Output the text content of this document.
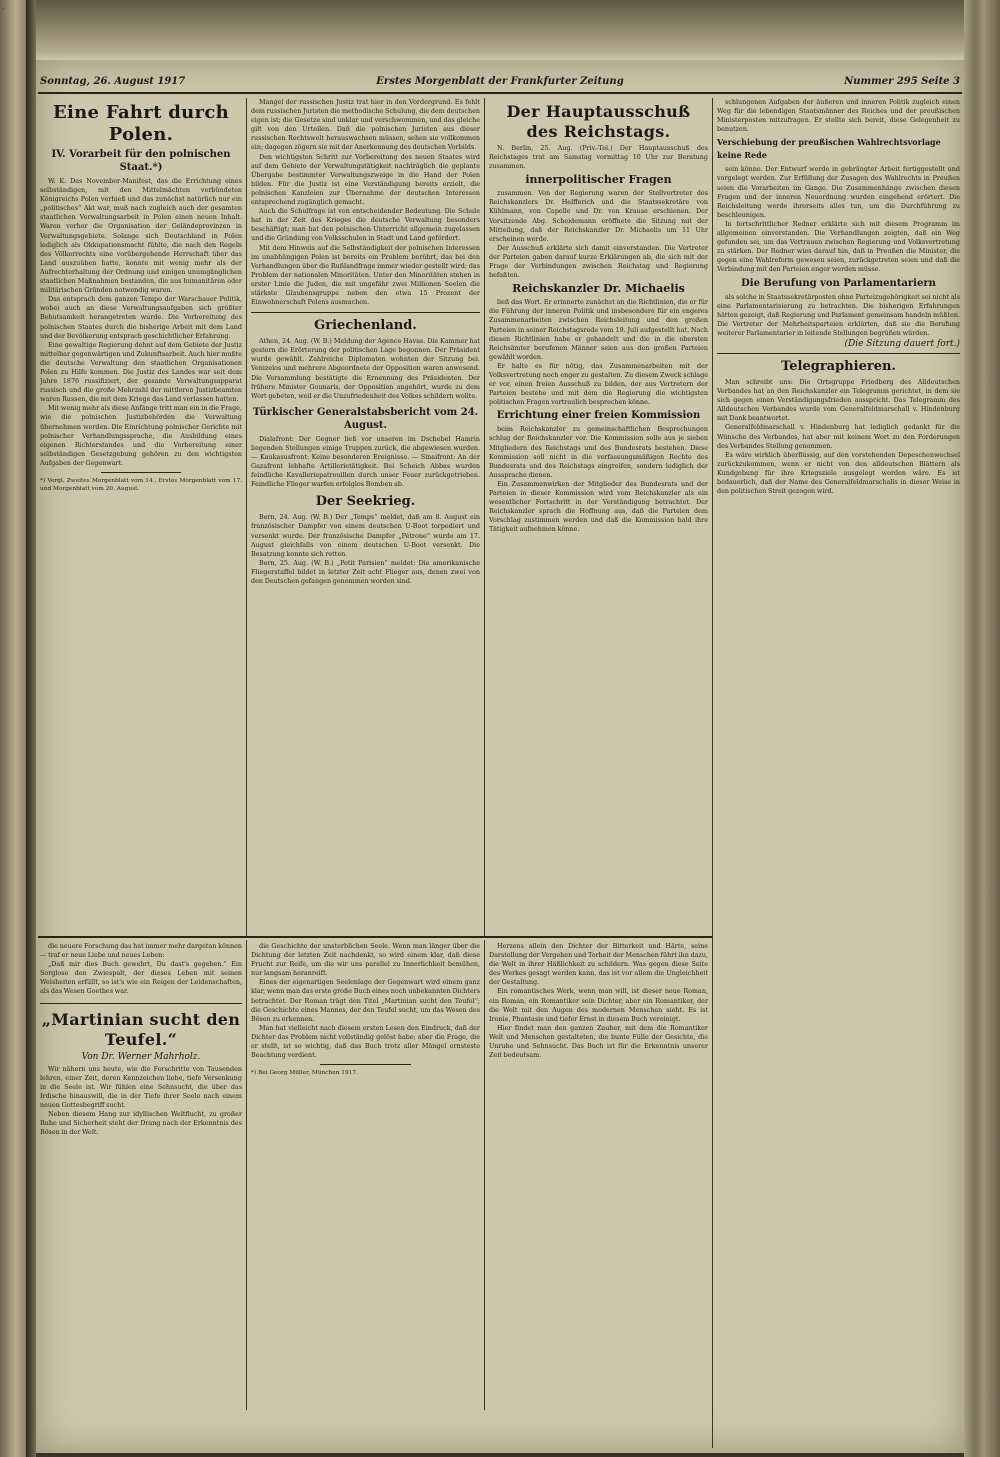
.
Sonntag, 26. August 1917	Erstes Morgenblatt der Frankfurter Zeitung	Nummer 295 Seite 3
Eine Fahrt durch Polen.
IV. Vorarbeit für den polnischen Staat.*)

W. K. Das November-Manifest, das die Errichtung eines selbständigen, mit den Mittelmächten verbündeten Königreichs Polen verhieß und das zunächst natürlich nur ein „politisches“ Akt war, muß nach zugleich auch der gesamten staatlichen Verwaltungsarbeit in Polen einen neuen Inhalt. Waren vorher die Organisation der Geländeprovinzen in Verwaltungsgebiete. Solange sich Deutschland in Polen lediglich als Okkupationsmacht fühlte, die nach den Regeln des Völkerrechts eine vorübergehende Herrschaft über das Land auszuüben hatte, konnte mit wenig mehr als der Aufrechterhaltung der Ordnung und einigen unumgänglichen staatlichen Maßnahmen bestanden, die aus humanitären oder militärischen Gründen notwendig waren.

Das entsprach dem ganzen Tempo der Warschauer Politik, wobei auch an diese Verwaltungsaufgaben sich größter Behutsamkeit herangetreten wurde. Die Vorbereitung des polnischen Staates durch die bisherige Arbeit mit dem Land und der Bevölkerung entsprach geschichtlicher Erfahrung.

Eine gewaltige Regierung dehnt auf dem Gebiete der Justiz mittelbar gegenwärtigen und Zukunftsarbeit. Auch hier mußte die deutsche Verwaltung den staatlichen Organisationen Polen zu Hilfe kommen. Die Justiz des Landes war seit dem Jahre 1876 russifiziert, der gesamte Verwaltungsapparat russisch und die große Mehrzahl der mittleren Justizbeamten waren Russen, die mit dem Kriege das Land verlassen hatten.

Mit wenig mehr als diese Anfänge tritt man ein in die Frage, wie die polnischen Justizbehörden die Verwaltung übernehmen werden. Die Einrichtung polnischer Gerichte mit polnischer Verhandlungssprache, die Ausbildung eines eigenen Richterstandes und die Vorbereitung einer selbständigen Gesetzgebung gehören zu den wichtigsten Aufgaben der Gegenwart.

*) Vergl. Zweites Morgenblatt vom 14., Erstes Morgenblatt vom 17. und Morgenblatt vom 20. August.

Mangel der russischen Justiz trat hier in den Vordergrund. Es fehlt dem russischen Juristen die methodische Schulung, die dem deutschen eigen ist; die Gesetze sind unklar und verschwommen, und das gleiche gilt von den Urteilen. Daß die polnischen Juristen aus dieser russischen Rechtswelt herauswachsen müssen, sehen sie vollkommen ein; dagegen zögern sie mit der Anerkennung des deutschen Vorbilds.

Den wichtigsten Schritt zur Vorbereitung des neuen Staates wird auf dem Gebiete der Verwaltungstätigkeit nachträglich die geplante Übergabe bestimmter Verwaltungszweige in die Hand der Polen bilden. Für die Justiz ist eine Verständigung bereits erzielt, die polnischen Kanzleien zur Übernahme der deutschen Interessen entsprechend zugänglich gemacht.

Auch die Schulfrage ist von entscheidender Bedeutung. Die Schule hat in der Zeit des Krieges die deutsche Verwaltung besonders beschäftigt; man hat den polnischen Unterricht allgemein zugelassen und die Gründung von Volksschulen in Stadt und Land gefördert.

Mit dem Hinweis auf die Selbständigkeit der polnischen Interessen im unabhängigen Polen ist bereits ein Problem berührt, das bei den Verhandlungen über die Rußlandfrage immer wieder gestellt wird: das Problem der nationalen Minoritäten. Unter den Minoritäten stehen in erster Linie die Juden, die mit ungefähr zwei Millionen Seelen die stärkste Glaubensgruppe neben den etwa 15 Prozent der Einwohnerschaft Polens ausmachen.

Griechenland.

Athen, 24. Aug. (W. B.) Meldung der Agence Havas. Die Kammer hat gestern die Erörterung der politischen Lage begonnen. Der Präsident wurde gewählt. Zahlreiche Diplomaten wohnten der Sitzung bei. Venizelos und mehrere Abgeordnete der Opposition waren anwesend. Die Versammlung bestätigte die Ernennung des Präsidenten. Der frühere Minister Gounaris, der Opposition angehört, wurde zu dem Wort gebeten, weil er die Unzufriedenheit des Volkes schildern wollte.

Türkischer Generalstabsbericht vom 24. August.

Dialafront: Der Gegner ließ vor unseren im Dschebel Hamrin liegenden Stellungen einige Truppen zurück, die abgewiesen wurden. — Kaukasusfront: Keine besonderen Ereignisse. — Sinaifront: An der Gazafront lebhafte Artillerietätigkeit. Bei Scheich Abbas wurden feindliche Kavalleriepatrouillen durch unser Feuer zurückgetrieben. Feindliche Flieger warfen erfolglos Bomben ab.

Der Seekrieg.

Bern, 24. Aug. (W. B.) Der „Temps“ meldet, daß am 8. August ein französischer Dampfer von einem deutschen U-Boot torpediert und versenkt wurde. Der französische Dampfer „Pétrone“ wurde am 17. August gleichfalls von einem deutschen U-Boot versenkt. Die Besatzung konnte sich retten.

Bern, 25. Aug. (W. B.) „Petit Parisien“ meldet: Die amerikanische Fliegerstaffel bildet in letzter Zeit acht Flieger aus, denen zwei von den Deutschen gefangen genommen worden sind.

Der Hauptausschuß des Reichstags.

N. Berlin, 25. Aug. (Priv.-Tel.) Der Hauptausschuß des Reichstages trat am Samstag vormittag 10 Uhr zur Beratung zusammen.

innerpolitischer Fragen

zusammen. Von der Regierung waren der Stellvertreter des Reichskanzlers Dr. Helfferich und die Staatssekretäre von Kühlmann, von Capelle und Dr. von Krause erschienen. Der Vorsitzende Abg. Scheidemann eröffnete die Sitzung mit der Mitteilung, daß der Reichskanzler Dr. Michaelis um 11 Uhr erscheinen werde.

Der Ausschuß erklärte sich damit einverstanden. Die Vertreter der Parteien gaben darauf kurze Erklärungen ab, die sich mit der Frage der Verbindungen zwischen Reichstag und Regierung befaßten.

Reichskanzler Dr. Michaelis

ließ das Wort. Er erinnerte zunächst an die Richtlinien, die er für die Führung der inneren Politik und insbesondere für ein engeres Zusammenarbeiten zwischen Reichsleitung und den großen Parteien in seiner Reichstagsrede vom 19. Juli aufgestellt hat. Nach diesen Richtlinien habe er gehandelt und die in die obersten Reichsämter berufenen Männer seien aus den großen Parteien gewählt worden.

Er halte es für nötig, das Zusammenarbeiten mit der Volksvertretung noch enger zu gestalten. Zu diesem Zweck schlage er vor, einen freien Ausschuß zu bilden, der aus Vertretern der Parteien bestehe und mit dem die Regierung die wichtigsten politischen Fragen vertraulich besprechen könne.

Errichtung einer freien Kommission

beim Reichskanzler zu gemeinschaftlichen Besprechungen schlug der Reichskanzler vor. Die Kommission solle aus je sieben Mitgliedern des Reichstags und des Bundesrats bestehen. Diese Kommission soll nicht in die verfassungsmäßigen Rechte des Bundesrats und des Reichstags eingreifen, sondern lediglich der Aussprache dienen.

Ein Zusammenwirken der Mitglieder des Bundesrats und der Parteien in dieser Kommission wird vom Reichskanzler als ein wesentlicher Fortschritt in der Verständigung betrachtet. Der Reichskanzler sprach die Hoffnung aus, daß die Parteien dem Vorschlag zustimmen werden und daß die Kommission bald ihre Tätigkeit aufnehmen könne.

schlungenen Aufgaben der äußeren und inneren Politik zugleich einen Weg für die lebendigen Staatsmänner des Reiches und der preußischen Ministerposten mitzufragen. Er stellte sich bereit, diese Gelegenheit zu benutzen.

Verschiebung der preußischen Wahlrechtsvorlage keine Rede

sein könne. Der Entwurf werde in gebrängter Arbeit fertiggestellt und vorgelegt werden. Zur Erfüllung der Zusagen des Wahlrechts in Preußen seien die Vorarbeiten im Gange. Die Zusammenhänge zwischen diesen Fragen und der inneren Neuordnung wurden eingehend erörtert. Die Reichsleitung werde ihrerseits alles tun, um die Durchführung zu beschleunigen.

In fortschrittlicher Redner erklärte sich mit diesem Programm im allgemeinen einverstanden. Die Verhandlungen zeigten, daß ein Weg gefunden sei, um das Vertrauen zwischen Regierung und Volksvertretung zu stärken. Der Redner wies darauf hin, daß in Preußen die Minister, die gegen eine Wahlreform gewesen seien, zurückgetreten seien und daß die Verbindung mit den Parteien enger werden müsse.

Die Berufung von Parlamentariern

als solche in Staatssekretärposten ohne Parteizugehörigkeit sei nicht als eine Parlamentarisierung zu betrachten. Die bisherigen Erfahrungen hätten gezeigt, daß Regierung und Parlament gemeinsam handeln müßten. Die Vertreter der Mehrheitsparteien erklärten, daß sie die Berufung weiterer Parlamentarier in leitende Stellungen begrüßen würden.

(Die Sitzung dauert fort.)
Telegraphieren.

Man schreibt uns: Die Ortsgruppe Friedberg des Alldeutschen Verbandes hat an den Reichskanzler ein Telegramm gerichtet, in dem sie sich gegen einen Verständigungsfrieden ausspricht. Das Telegramm des Alldeutschen Verbandes wurde vom Generalfeldmarschall v. Hindenburg mit Dank beantwortet.

Generalfeldmarschall v. Hindenburg hat lediglich gedankt für die Wünsche des Verbandes, hat aber mit keinem Wort zu den Forderungen des Verbandes Stellung genommen.

Es wäre wirklich überflüssig, auf den vorstehenden Depeschenwechsel zurückzukommen, wenn er nicht von den alldeutschen Blättern als Kundgebung für ihre Kriegsziele ausgelegt worden wäre. Es ist bedauerlich, daß der Name des Generalfeldmarschalls in dieser Weise in den politischen Streit gezogen wird.

die neuere Forschung das hat immer mehr dargetan können — traf er neue Liebe und neues Leben:

„Daß mir dies Buch gewehrt, Du dast's gegeben.“ Ein Sorglose den Zwiespalt, der dieses Leben mit seinen Weisheiten erfüllt, so ist's wie ein Reigen der Leidenschaften, als das Wesen Goethes war.

„Martinian sucht den Teufel.“
Von Dr. Werner Mahrholz.

Wir nähern uns heute, wie die Forschritte von Tausenden lehren, einer Zeit, deren Kennzeichen liebe, tiefe Versenkung in die Seele ist. Wir fühlen eine Sehnsucht, die über das Irdische hinauswill, die in der Tiefe ihrer Seele nach einem neuen Gottesbegriff sucht.

Neben diesem Hang zur idyllischen Weltflucht, zu großer Ruhe und Sicherheit steht der Drang nach der Erkenntnis des Bösen in der Welt.

die Geschichte der unsterblichen Seele. Wenn man länger über die Dichtung der letzten Zeit nachdenkt, so wird einem klar, daß diese Frucht zur Reife, um die wir uns parallel zu Innerlichkeit bemühen, nur langsam heranreift.

Eines der eigenartigen Seelenlage der Gegenwart wird einem ganz klar, wenn man das erste große Buch eines noch unbekannten Dichters betrachtet. Der Roman trägt den Titel „Martinian sucht den Teufel“; die Geschichte eines Mannes, der den Teufel sucht, um das Wesen des Bösen zu erkennen.

Man hat vielleicht nach diesem ersten Lesen den Eindruck, daß der Dichter das Problem nicht vollständig gelöst habe; aber die Frage, die er stellt, ist so wichtig, daß das Buch trotz aller Mängel ernsteste Beachtung verdient.

*) Bei Georg Müller, München 1917.

Herzens allein den Dichter der Bitterkeit und Härte, seine Darstellung der Vergehen und Torheit der Menschen führt ihn dazu, die Welt in ihrer Häßlichkeit zu schildern. Was gegen diese Seite des Werkes gesagt werden kann, das ist vor allem die Ungleichheit der Gestaltung.

Ein romantisches Werk, wenn man will, ist dieser neue Roman, ein Roman, ein Romantiker sein Dichter, aber ein Romantiker, der die Welt mit den Augen des modernen Menschen sieht. Es ist Ironie, Phantasie und tiefer Ernst in diesem Buch vereinigt.

Hier findet man den ganzen Zauber, mit dem die Romantiker Welt und Menschen gestalteten, die bunte Fülle der Gesichte, die Unruhe und Sehnsucht. Das Buch ist für die Erkenntnis unserer Zeit bedeutsam.
